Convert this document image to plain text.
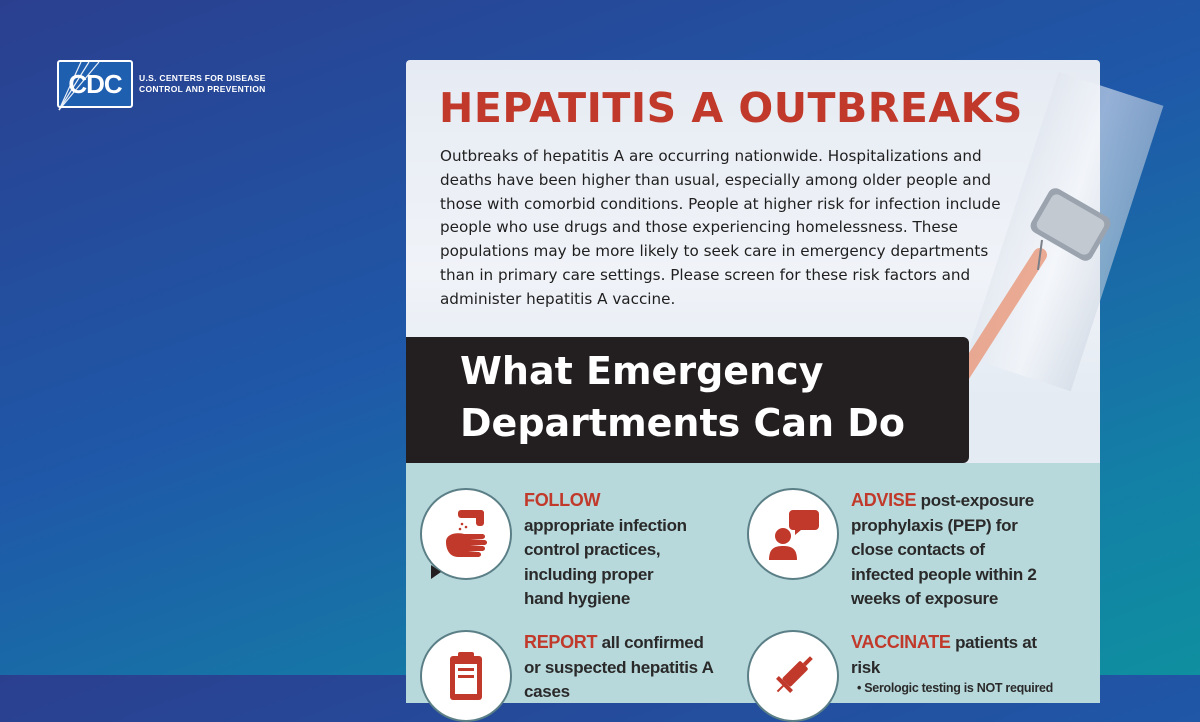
CDC U.S. CENTERS FOR DISEASE
CONTROL AND PREVENTION	HEPATITIS A OUTBREAKS

Outbreaks of hepatitis A are occurring nationwide. Hospitalizations and deaths have been higher than usual, especially among older people and those with comorbid conditions. People at higher risk for infection include people who use drugs and those experiencing homelessness. These populations may be more likely to seek care in emergency departments than in primary care settings. Please screen for these risk factors and administer hepatitis A vaccine.

What Emergency
Departments Can Do
FOLLOW appropriate infection control practices, including proper hand hygiene
ADVISE post-exposure prophylaxis (PEP) for close contacts of infected people within 2 weeks of exposure
REPORT all confirmed or suspected hepatitis A cases
VACCINATE patients at risk
• Serologic testing is NOT required
